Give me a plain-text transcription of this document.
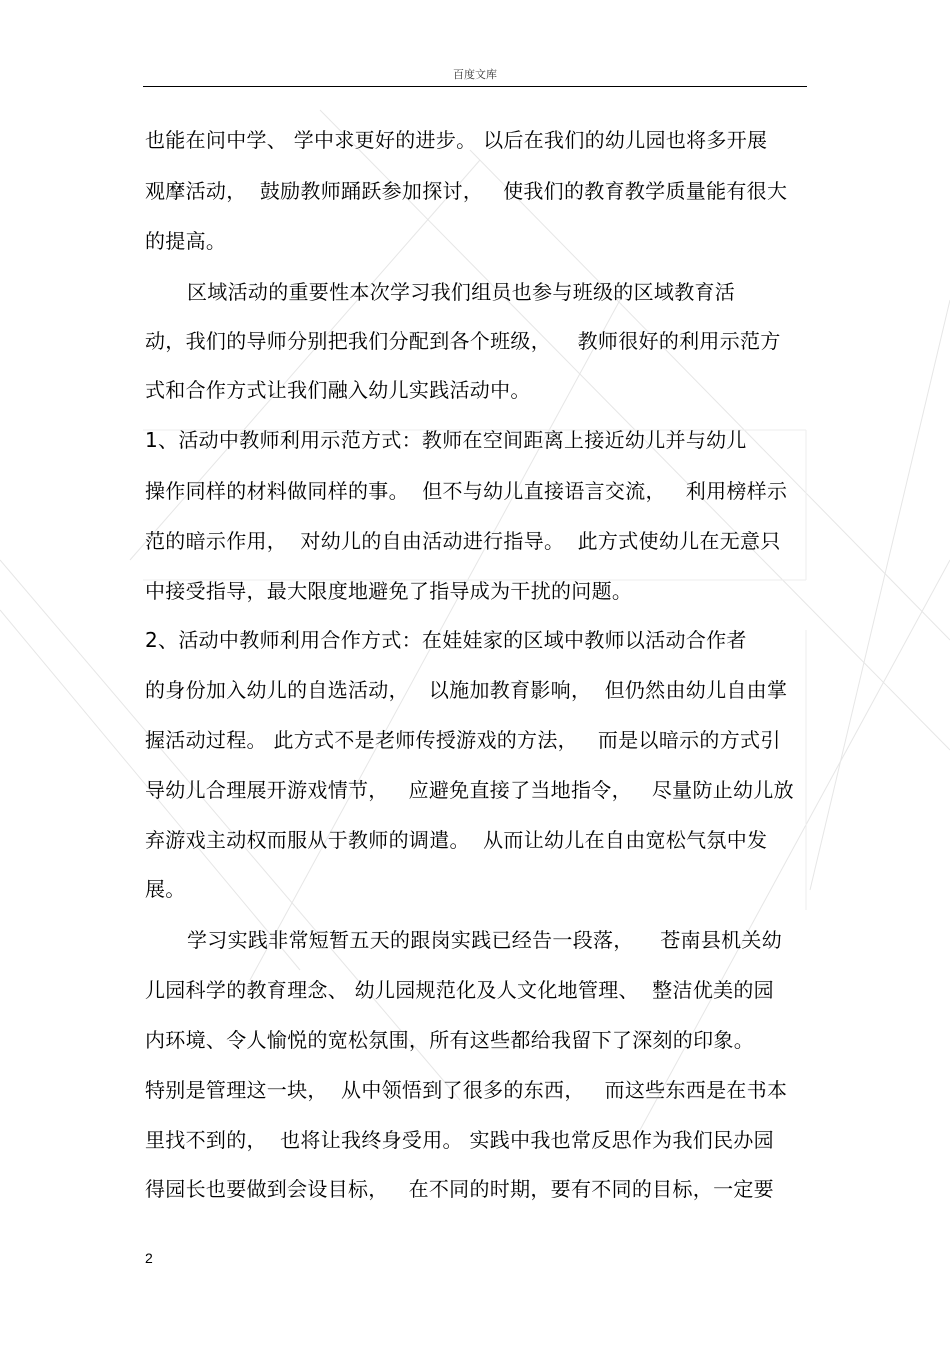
百度文库
也能在问中学、 学中求更好的进步。 以后在我们的幼儿园也将多开展
观摩活动，  鼓励教师踊跃参加探讨，   使我们的教育教学质量能有很大
的提高。
区域活动的重要性本次学习我们组员也参与班级的区域教育活
动，我们的导师分别把我们分配到各个班级，    教师很好的利用示范方
式和合作方式让我们融入幼儿实践活动中。
1、活动中教师利用示范方式：教师在空间距离上接近幼儿并与幼儿
操作同样的材料做同样的事。  但不与幼儿直接语言交流，   利用榜样示
范的暗示作用，  对幼儿的自由活动进行指导。  此方式使幼儿在无意只
中接受指导，最大限度地避免了指导成为干扰的问题。
2、活动中教师利用合作方式：在娃娃家的区域中教师以活动合作者
的身份加入幼儿的自选活动，   以施加教育影响，  但仍然由幼儿自由掌
握活动过程。 此方式不是老师传授游戏的方法，   而是以暗示的方式引
导幼儿合理展开游戏情节，   应避免直接了当地指令，   尽量防止幼儿放
弃游戏主动权而服从于教师的调遣。  从而让幼儿在自由宽松气氛中发
展。
学习实践非常短暂五天的跟岗实践已经告一段落，    苍南县机关幼
儿园科学的教育理念、 幼儿园规范化及人文化地管理、  整洁优美的园
内环境、令人愉悦的宽松氛围，所有这些都给我留下了深刻的印象。
特别是管理这一块，  从中领悟到了很多的东西，   而这些东西是在书本
里找不到的，  也将让我终身受用。 实践中我也常反思作为我们民办园
得园长也要做到会设目标，   在不同的时期，要有不同的目标，一定要
2
